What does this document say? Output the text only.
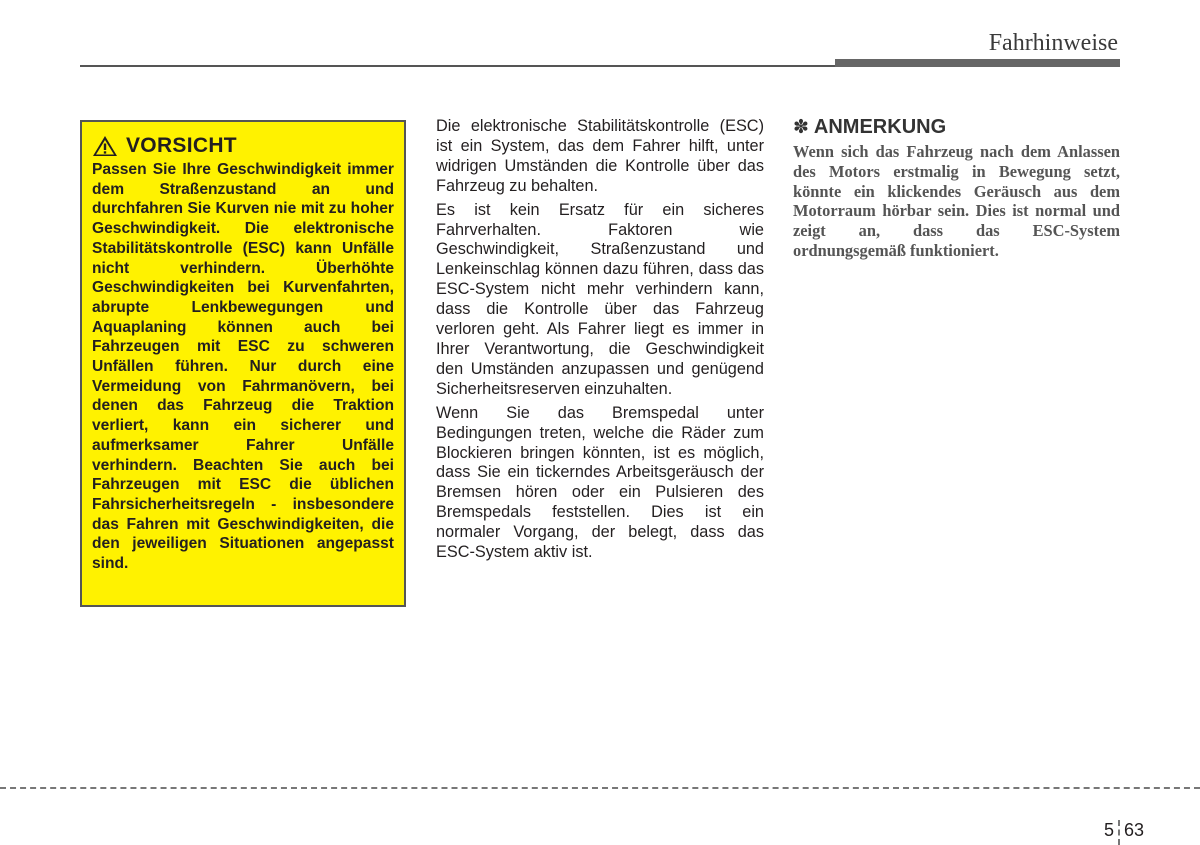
Fahrhinweise
VORSICHT

Passen Sie Ihre Geschwindigkeit immer dem Straßenzustand an und durchfahren Sie Kurven nie mit zu hoher Geschwindigkeit. Die elektronische Stabilitätskontrolle (ESC) kann Unfälle nicht verhindern. Überhöhte Geschwindigkeiten bei Kurvenfahrten, abrupte Lenkbewegungen und Aquaplaning können auch bei Fahrzeugen mit ESC zu schweren Unfällen führen. Nur durch eine Vermeidung von Fahrmanövern, bei denen das Fahrzeug die Traktion verliert, kann ein sicherer und aufmerksamer Fahrer Unfälle verhindern. Beachten Sie auch bei Fahrzeugen mit ESC die üblichen Fahrsicherheitsregeln - insbesondere das Fahren mit Geschwindigkeiten, die den jeweiligen Situationen angepasst sind.

Die elektronische Stabilitätskontrolle (ESC) ist ein System, das dem Fahrer hilft, unter widrigen Umständen die Kontrolle über das Fahrzeug zu behalten.

Es ist kein Ersatz für ein sicheres Fahrverhalten. Faktoren wie Geschwindigkeit, Straßenzustand und Lenkeinschlag können dazu führen, dass das ESC-System nicht mehr verhindern kann, dass die Kontrolle über das Fahrzeug verloren geht. Als Fahrer liegt es immer in Ihrer Verantwortung, die Geschwindigkeit den Umständen anzupassen und genügend Sicherheitsreserven einzuhalten.

Wenn Sie das Bremspedal unter Bedingungen treten, welche die Räder zum Blockieren bringen könnten, ist es möglich, dass Sie ein tickerndes Arbeitsgeräusch der Bremsen hören oder ein Pulsieren des Bremspedals feststellen. Dies ist ein normaler Vorgang, der belegt, dass das ESC-System aktiv ist.

✽ ANMERKUNG

Wenn sich das Fahrzeug nach dem Anlassen des Motors erstmalig in Bewegung setzt, könnte ein klickendes Geräusch aus dem Motorraum hörbar sein. Dies ist normal und zeigt an, dass das ESC-System ordnungsgemäß funktioniert.

5 63
